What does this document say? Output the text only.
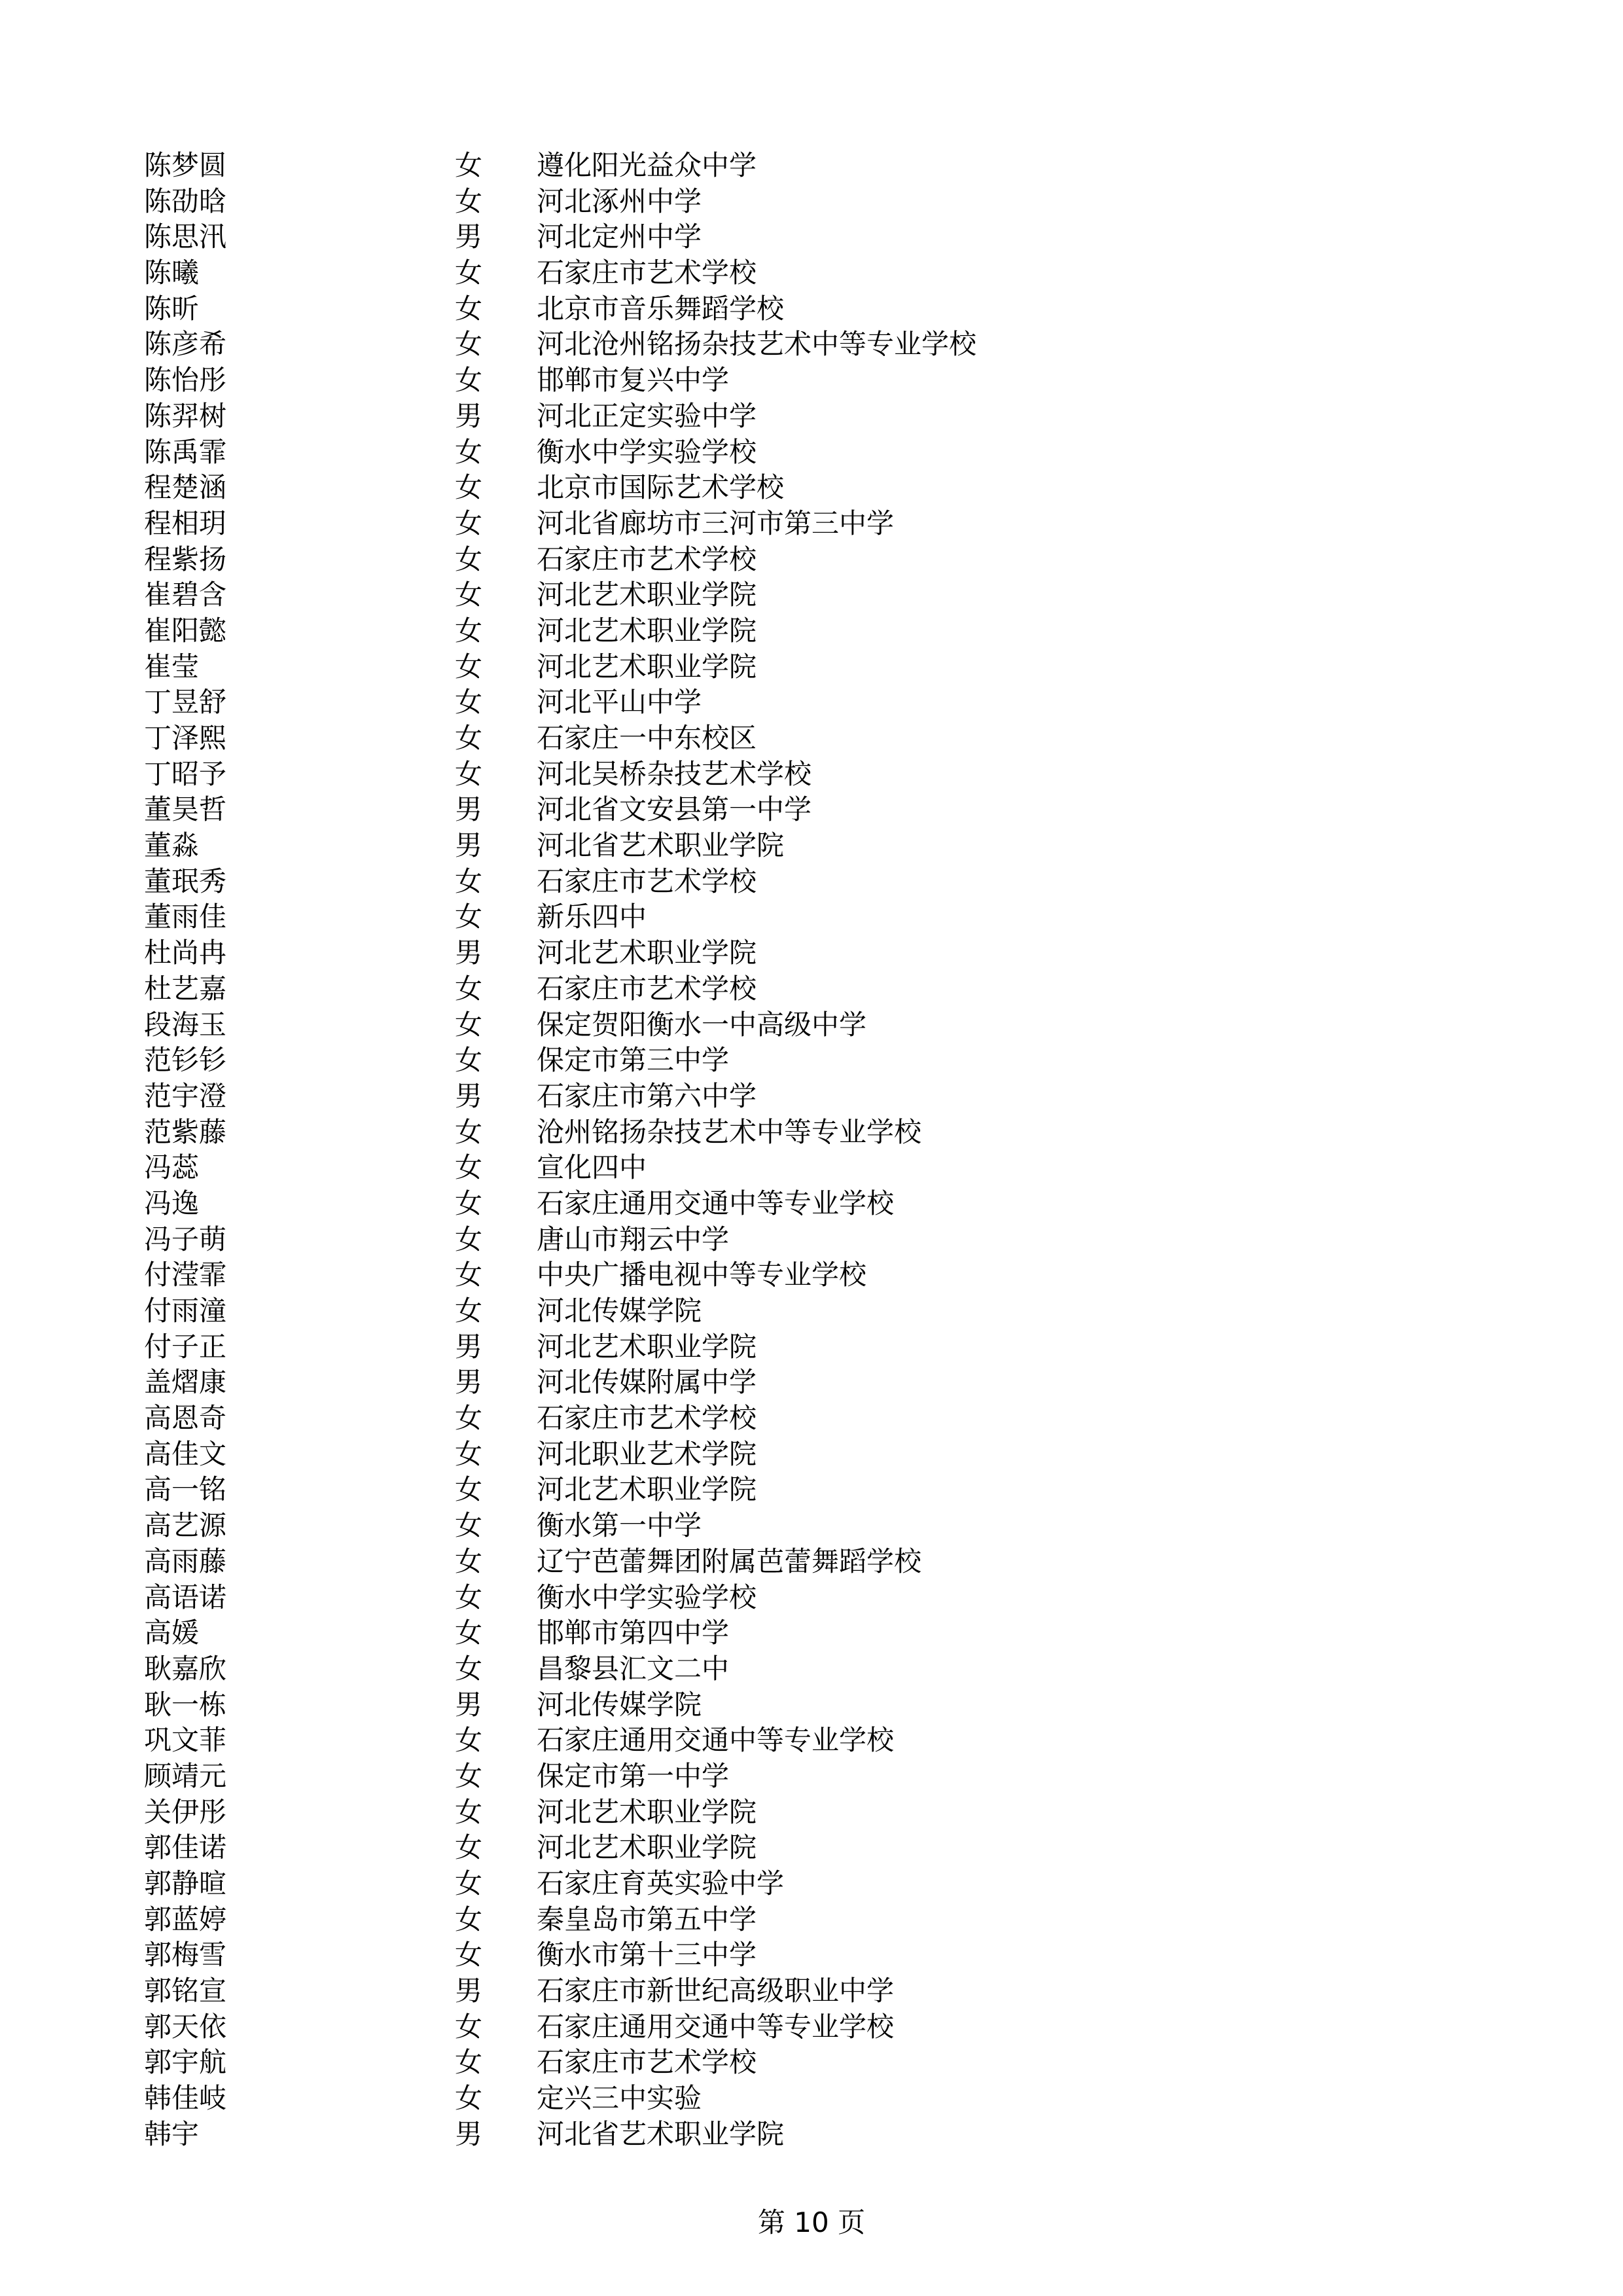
陈梦圆	女 遵化阳光益众中学
陈劭晗	女 河北涿州中学
陈思汛	男 河北定州中学
陈曦	女 石家庄市艺术学校
陈昕	女 北京市音乐舞蹈学校
陈彦希	女 河北沧州铭扬杂技艺术中等专业学校
陈怡彤	女 邯郸市复兴中学
陈羿树	男 河北正定实验中学
陈禹霏	女 衡水中学实验学校
程楚涵	女 北京市国际艺术学校
程相玥	女 河北省廊坊市三河市第三中学
程紫扬	女 石家庄市艺术学校
崔碧含	女 河北艺术职业学院
崔阳懿	女 河北艺术职业学院
崔莹	女 河北艺术职业学院
丁昱舒	女 河北平山中学
丁泽熙	女 石家庄一中东校区
丁昭予	女 河北吴桥杂技艺术学校
董昊哲	男 河北省文安县第一中学
董淼	男 河北省艺术职业学院
董珉秀	女 石家庄市艺术学校
董雨佳	女 新乐四中
杜尚冉	男 河北艺术职业学院
杜艺嘉	女 石家庄市艺术学校
段海玉	女 保定贺阳衡水一中高级中学
范钐钐	女 保定市第三中学
范宇澄	男 石家庄市第六中学
范紫藤	女 沧州铭扬杂技艺术中等专业学校
冯蕊	女 宣化四中
冯逸	女 石家庄通用交通中等专业学校
冯子萌	女 唐山市翔云中学
付滢霏	女 中央广播电视中等专业学校
付雨潼	女 河北传媒学院
付子正	男 河北艺术职业学院
盖熠康	男 河北传媒附属中学
高恩奇	女 石家庄市艺术学校
高佳文	女 河北职业艺术学院
高一铭	女 河北艺术职业学院
高艺源	女 衡水第一中学
高雨藤	女 辽宁芭蕾舞团附属芭蕾舞蹈学校
高语诺	女 衡水中学实验学校
高媛	女 邯郸市第四中学
耿嘉欣	女 昌黎县汇文二中
耿一栋	男 河北传媒学院
巩文菲	女 石家庄通用交通中等专业学校
顾靖元	女 保定市第一中学
关伊彤	女 河北艺术职业学院
郭佳诺	女 河北艺术职业学院
郭静暄	女 石家庄育英实验中学
郭蓝婷	女 秦皇岛市第五中学
郭梅雪	女 衡水市第十三中学
郭铭宣	男 石家庄市新世纪高级职业中学
郭天依	女 石家庄通用交通中等专业学校
郭宇航	女 石家庄市艺术学校
韩佳岐	女 定兴三中实验
韩宇	男 河北省艺术职业学院
第 10 页
